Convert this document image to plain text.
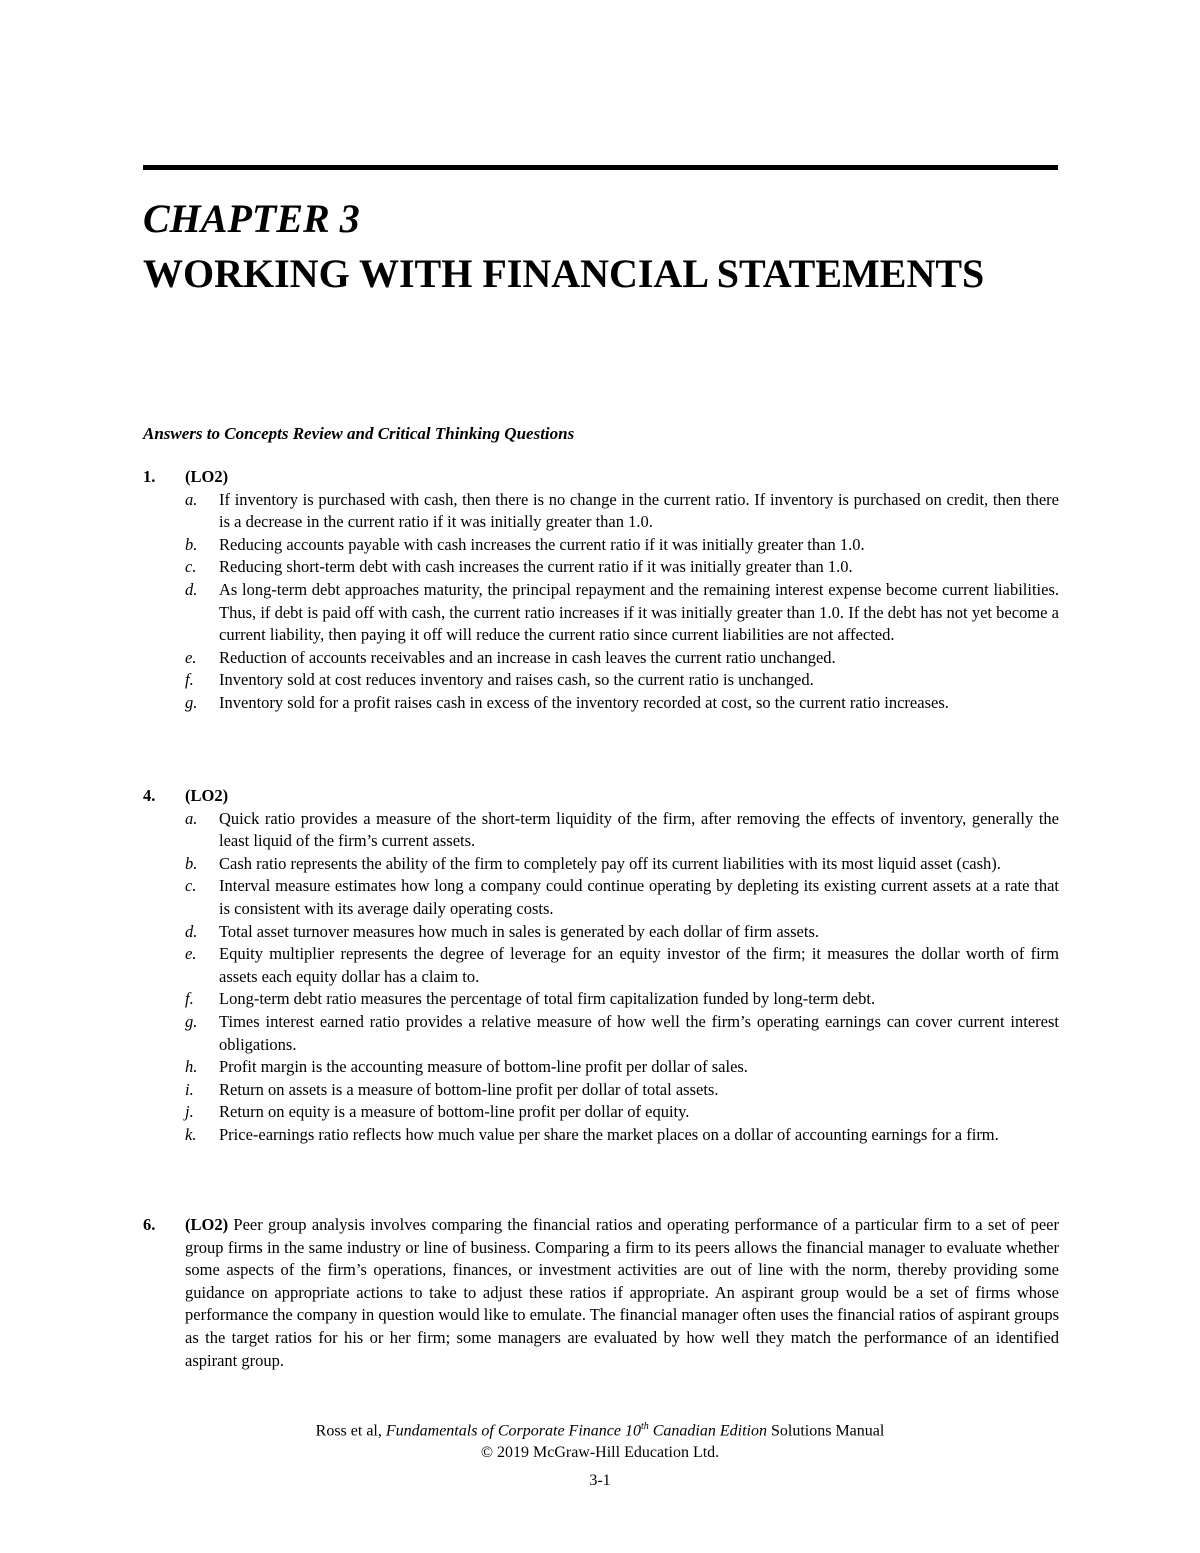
CHAPTER 3
WORKING WITH FINANCIAL STATEMENTS
Answers to Concepts Review and Critical Thinking Questions
1.	(LO2)
a.	If inventory is purchased with cash, then there is no change in the current ratio. If inventory is purchased on credit, then there is a decrease in the current ratio if it was initially greater than 1.0.
b.	Reducing accounts payable with cash increases the current ratio if it was initially greater than 1.0.
c.	Reducing short-term debt with cash increases the current ratio if it was initially greater than 1.0.
d.	As long-term debt approaches maturity, the principal repayment and the remaining interest expense become current liabilities. Thus, if debt is paid off with cash, the current ratio increases if it was initially greater than 1.0. If the debt has not yet become a current liability, then paying it off will reduce the current ratio since current liabilities are not affected.
e.	Reduction of accounts receivables and an increase in cash leaves the current ratio unchanged.
f.	Inventory sold at cost reduces inventory and raises cash, so the current ratio is unchanged.
g.	Inventory sold for a profit raises cash in excess of the inventory recorded at cost, so the current ratio increases.
4.	(LO2)
a.	Quick ratio provides a measure of the short-term liquidity of the firm, after removing the effects of inventory, generally the least liquid of the firm’s current assets.
b.	Cash ratio represents the ability of the firm to completely pay off its current liabilities with its most liquid asset (cash).
c.	Interval measure estimates how long a company could continue operating by depleting its existing current assets at a rate that is consistent with its average daily operating costs.
d.	Total asset turnover measures how much in sales is generated by each dollar of firm assets.
e.	Equity multiplier represents the degree of leverage for an equity investor of the firm; it measures the dollar worth of firm assets each equity dollar has a claim to.
f.	Long-term debt ratio measures the percentage of total firm capitalization funded by long-term debt.
g.	Times interest earned ratio provides a relative measure of how well the firm’s operating earnings can cover current interest obligations.
h.	Profit margin is the accounting measure of bottom-line profit per dollar of sales.
i.	Return on assets is a measure of bottom-line profit per dollar of total assets.
j.	Return on equity is a measure of bottom-line profit per dollar of equity.
k.	Price-earnings ratio reflects how much value per share the market places on a dollar of accounting earnings for a firm.
6.	(LO2) Peer group analysis involves comparing the financial ratios and operating performance of a particular firm to a set of peer group firms in the same industry or line of business. Comparing a firm to its peers allows the financial manager to evaluate whether some aspects of the firm’s operations, finances, or investment activities are out of line with the norm, thereby providing some guidance on appropriate actions to take to adjust these ratios if appropriate. An aspirant group would be a set of firms whose performance the company in question would like to emulate. The financial manager often uses the financial ratios of aspirant groups as the target ratios for his or her firm; some managers are evaluated by how well they match the performance of an identified aspirant group.
Ross et al, Fundamentals of Corporate Finance 10th Canadian Edition Solutions Manual
© 2019 McGraw-Hill Education Ltd.
3-1
